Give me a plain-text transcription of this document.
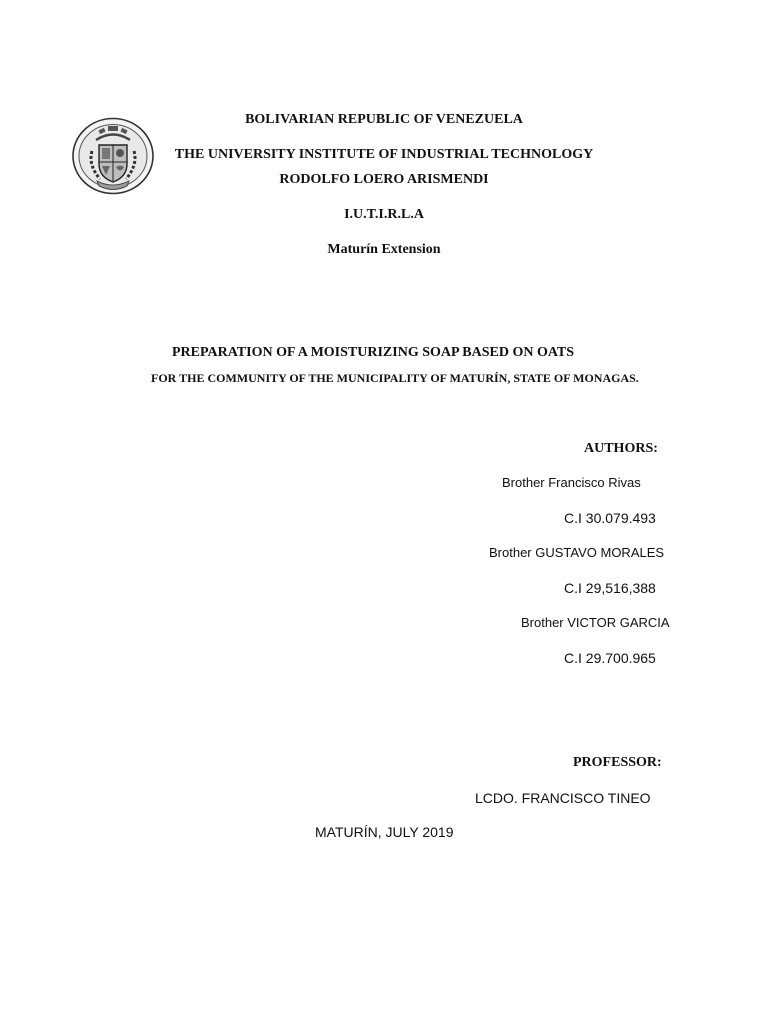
BOLIVARIAN REPUBLIC OF VENEZUELA
THE UNIVERSITY INSTITUTE OF INDUSTRIAL TECHNOLOGY
RODOLFO LOERO ARISMENDI
I.U.T.I.R.L.A
Maturín Extension
PREPARATION OF A MOISTURIZING SOAP BASED ON OATS
FOR THE COMMUNITY OF THE MUNICIPALITY OF MATURÍN, STATE OF MONAGAS.
AUTHORS:
Brother Francisco Rivas
C.I 30.079.493
Brother GUSTAVO MORALES
C.I 29,516,388
Brother VICTOR GARCIA
C.I 29.700.965
PROFESSOR:
LCDO. FRANCISCO TINEO
MATURÍN, JULY 2019
